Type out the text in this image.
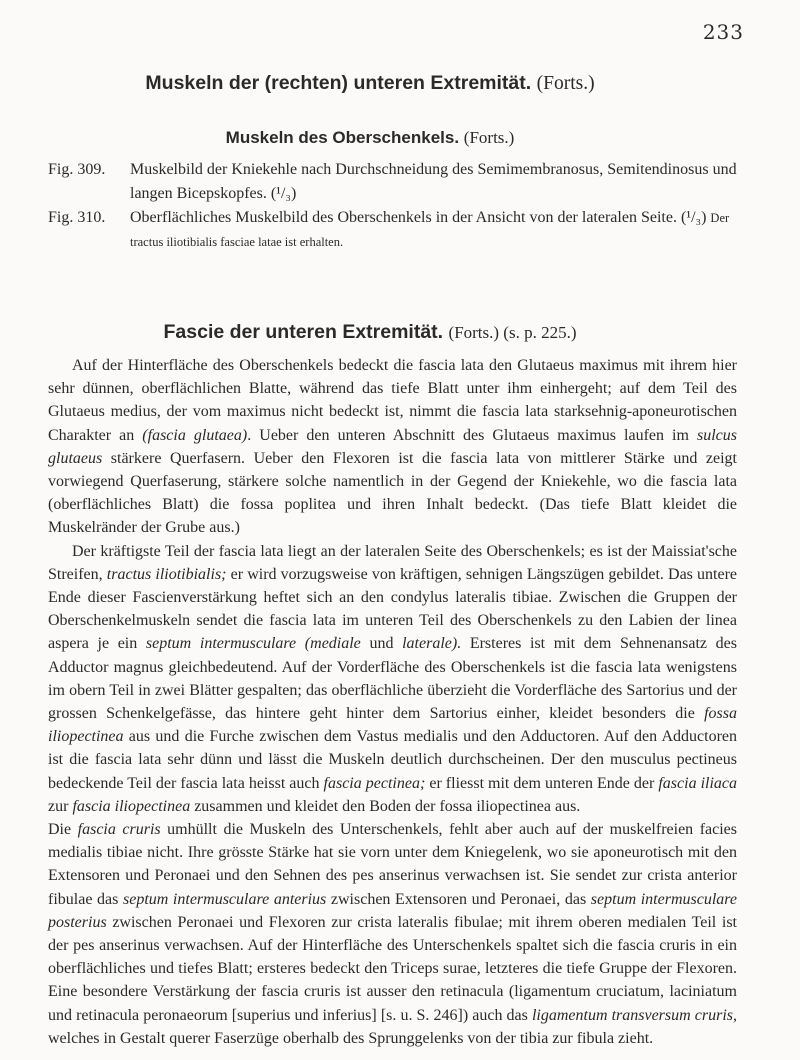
233
Muskeln der (rechten) unteren Extremität. (Forts.)
Muskeln des Oberschenkels. (Forts.)
Fig. 309.	Muskelbild der Kniekehle nach Durchschneidung des Semimembranosus, Semitendinosus und langen Bicepskopfes. (¹/₃)
Fig. 310.	Oberflächliches Muskelbild des Oberschenkels in der Ansicht von der lateralen Seite. (¹/₃) Der tractus iliotibialis fasciae latae ist erhalten.
Fascie der unteren Extremität. (Forts.) (s. p. 225.)

Auf der Hinterfläche des Oberschenkels bedeckt die fascia lata den Glutaeus maximus mit ihrem hier sehr dünnen, oberflächlichen Blatte, während das tiefe Blatt unter ihm einhergeht; auf dem Teil des Glutaeus medius, der vom maximus nicht bedeckt ist, nimmt die fascia lata starksehnig-aponeurotischen Charakter an (fascia glutaea). Ueber den unteren Abschnitt des Glutaeus maximus laufen im sulcus glutaeus stärkere Querfasern. Ueber den Flexoren ist die fascia lata von mittlerer Stärke und zeigt vorwiegend Querfaserung, stärkere solche namentlich in der Gegend der Kniekehle, wo die fascia lata (oberflächliches Blatt) die fossa poplitea und ihren Inhalt bedeckt. (Das tiefe Blatt kleidet die Muskelränder der Grube aus.)

Der kräftigste Teil der fascia lata liegt an der lateralen Seite des Oberschenkels; es ist der Maissiat'sche Streifen, tractus iliotibialis; er wird vorzugsweise von kräftigen, sehnigen Längszügen gebildet. Das untere Ende dieser Fascienverstärkung heftet sich an den condylus lateralis tibiae. Zwischen die Gruppen der Oberschenkelmuskeln sendet die fascia lata im unteren Teil des Oberschenkels zu den Labien der linea aspera je ein septum intermusculare (mediale und laterale). Ersteres ist mit dem Sehnenansatz des Adductor magnus gleichbedeutend. Auf der Vorderfläche des Oberschenkels ist die fascia lata wenigstens im obern Teil in zwei Blätter gespalten; das oberflächliche überzieht die Vorderfläche des Sartorius und der grossen Schenkelgefässe, das hintere geht hinter dem Sartorius einher, kleidet besonders die fossa iliopectinea aus und die Furche zwischen dem Vastus medialis und den Adductoren. Auf den Adductoren ist die fascia lata sehr dünn und lässt die Muskeln deutlich durchscheinen. Der den musculus pectineus bedeckende Teil der fascia lata heisst auch fascia pectinea; er fliesst mit dem unteren Ende der fascia iliaca zur fascia iliopectinea zusammen und kleidet den Boden der fossa iliopectinea aus.

Die fascia cruris umhüllt die Muskeln des Unterschenkels, fehlt aber auch auf der muskelfreien facies medialis tibiae nicht. Ihre grösste Stärke hat sie vorn unter dem Kniegelenk, wo sie aponeurotisch mit den Extensoren und Peronaei und den Sehnen des pes anserinus verwachsen ist. Sie sendet zur crista anterior fibulae das septum intermusculare anterius zwischen Extensoren und Peronaei, das septum intermusculare posterius zwischen Peronaei und Flexoren zur crista lateralis fibulae; mit ihrem oberen medialen Teil ist der pes anserinus verwachsen. Auf der Hinterfläche des Unterschenkels spaltet sich die fascia cruris in ein oberflächliches und tiefes Blatt; ersteres bedeckt den Triceps surae, letzteres die tiefe Gruppe der Flexoren. Eine besondere Verstärkung der fascia cruris ist ausser den retinacula (ligamentum cruciatum, laciniatum und retinacula peronaeorum [superius und inferius] [s. u. S. 246]) auch das ligamentum transversum cruris, welches in Gestalt querer Faserzüge oberhalb des Sprunggelenks von der tibia zur fibula zieht.
